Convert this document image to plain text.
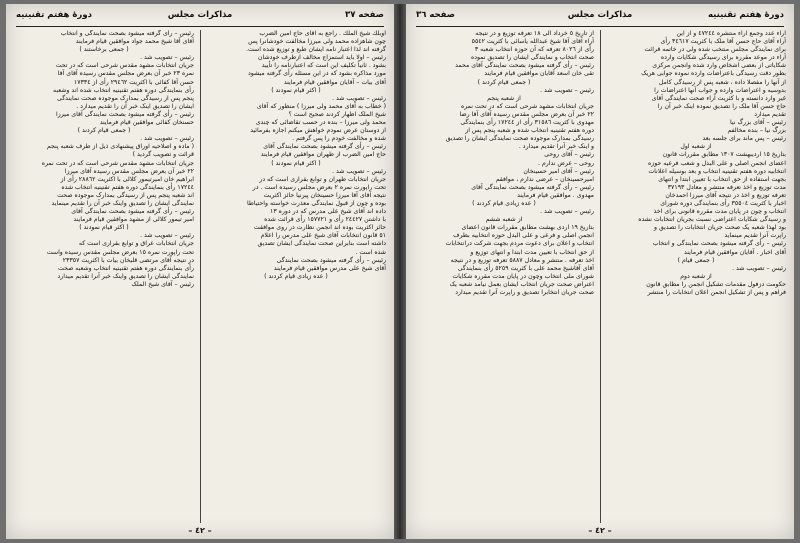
صفحه ٣٧
مذاکرات مجلس
دورهٔ هفتم تقنینیه

اوبلك شیخ الملك . راجع به آقای حاج امین الضرب

چون شاهزاده محمد ولی میرزا مخالفت خودشانرا پس

گرفته اند لذا اعتبار نامه ایشان طبع و توزیع شده است.

رئیس – اولا باید استمزاج مخالف ازطرف خودشان

بشود . ثانیاً تکلیف این است که اعتبارنامه را تأیید

مورد مذاکره بشود که در این مسئله رأی گرفته میشود

آقای بیات – آقایان موافقین قیام فرمایند

( اکثر قیام نمودند )

رئیس – تصویب شد .

( خطاب به آقای محمد ولی میرزا ) منظور که آقای

شیخ الملک اظهار کردند صحیح است ؟

محمد ولی میرزا – بنده در حسب تقاضائی که چندی

از دوستان عرض نمودم خواهش میکنم اجازه بفرمائید

شده و مخالفت خودم را پس گرفتم .

رئیس – رأی گرفته میشود بصحت نمایندگی آقای

حاج امین الضرب از طهران موافقین قیام فرمایند

( اکثر قیام نمودند )

رئیس – تصویب شد .

جریان انتخابات طهران و توابع بقراری است که در

تحت راپورت نمره ٢ بعرض مجلس رسیده است . در

نتیجه آقای آقا میرزا حسینخان پیرنیا حائز اکثریت

بوده و چون از قبول نمایندگی معذرت خواسته واحتیاطا

داده اند آقای شیخ علی مدرس که در دوره ١٣

با داشتن ٢٤٤٢٧ رأی و ١٥٧٧٢١ رأی قرائت شده

حائز اکثریت بوده اند انجمن نظارت در روی موافقت

٥١ قانون انتخابات آقای شیخ علی مدرس را اعلام

داشته است بنابراین صحت نمایندگی ایشان تصدیق

شده است .

رئیس – رأی گرفته میشود بصحت نمایندگی

آقای شیخ علی مدرس موافقین قیام فرمایند

( عده زیادی قیام کردند )

رئیس – رأی گرفته میشود بصحت نمایندگی و انتخاب

آقای آقا شیخ محمد جواد موافقین قیام فرمایند

( جمعی برخاستند )

رئیس – تصویب شد .

جریان انتخابات مشهد مقدس شرحی است که در تحت

نمره ٢٣ خبر آن بعرض مجلس مقدس رسیده آقای آقا

حسن آقا کفائی با اکثریت ٢٩٤٦٢ رأی از ١٧٣٣٤

رأی بنمایندگی دوره هفتم تقنینیه انتخاب شده اند وشعبه

پنجم پس از رسیدگی بمدارک موجوده صحت نمایندگی

ایشان را تصدیق اینک خبر آن را تقدیم میدارد .

رئیس – رأی گرفته میشود بصحت نمایندگی آقای میرزا

حسنخان کفائی موافقین قیام فرمایند

( جمعی قیام کردند )

رئیس – تصویب شد .

( ماده و اصلاحیه اوراق پیشنهادی ذیل از طرف شعبه پنجم

قرائت و تصویب گردید )

جریان انتخابات مشهد مقدس شرحی است که در تحت نمره

٢٢ خبر آن بعرض مجلس مقدس رسیده آقای میرزا

ابراهیم خان امیرتیمور کلالی با اکثریت ٢٨٨٦٢ رأی از

١٧٢٤٤ رأی بنمایندگی دوره هفتم تقنینیه انتخاب شده

اند شعبه پنجم پس از رسیدگی بمدارک موجوده صحت

نمایندگی ایشان را تصدیق واینک خبر آن را تقدیم مینماید

رئیس – رأی گرفته میشود بصحت نمایندگی آقای

امیر تیمور کلالی از مشهد موافقین قیام فرمایند

( اکثر قیام نمودند )

رئیس – تصویب شد .

جریان انتخابات عراق و توابع بقراری است که

تحت راپورت نمره ١٥ بعرض مجلس مقدس رسیده واست

در نتیجه آقای مرتضی قلیخان بیات با اکثریت ٢٣٣٥٧

رأی بنمایندگی دوره هفتم تقنینیه انتخاب وشعبه صحت

نمایندگی ایشان را تصدیق واینک خبر آنرا تقدیم میدارد

رئیس – آقای شیخ الملک

– ٤٢ –
دورهٔ هفتم تقنینیه
مذاکرات مجلس
صفحه ٣٦

آراء عدد وجمع آراء منتشره ٤٧٢٤٤ و از این

آراء آقای حاج حسن آقا ملک با کثریت ٣٤٦١٧ رأی

برای نمایندگی مجلس منتخب شده ولی در خاتمه قرائت

آراء در موعد مقرره برای رسیدگی شکایات وارده

شکایاتی از بعضی اشخاص وارد شده وانجمن مرکزی

بطور دقت رسیدگی باعتراضات وارده نموده جوابی هریک

از آنها را مفصلا داده ، شعبه پس از رسیدگی کامل

بدوسیه و اعتراضات وارده و جواب آنها اعتراضات را

غیر وارد دانسته و با کثریت آراء صحت نمایندگی آقای

حاج حسن آقا ملک را تصدیق نموده اینک خبر آن را

تقدیم میدارد

رئیس – آقای بزرگ نیا

بزرگ نیا – بنده مخالفم

رئیس – پس ماند برای جلسه بعد

از شعبه اول

بتاریخ ١٥ اردیبهشت ١٣٠٧ مطابق مقررات قانون

اعضای انجمن اصلی و علی البدل و شعب فرعیه حوزه

انتخابیه دوره هفتم تقنینیه انتخاب و بعد بوسیله اعلانات

بجهت استفاده از حق انتخاب با تعیین ابتدا و انتهای

مدت توزیع و اخذ تعرفه منتشر و معادل ٣٧١٩٣

تعرفه توزیع و اخذ در نتیجه آقای میرزا احمدخان

اخبار با کثریت ٣٥٥٠٤ رأی بنمایندگی دوره شورای

انتخاب و چون در پایان مدت مقرره قانونی برای اخذ

و رسیدگی شکایات اعتراضی نسبت بجریان انتخابات نشده

بود لهذا شعبه یک صحت جریان انتخابات را تصدیق و

راپرت آنرا تقدیم مینماید

رئیس – رأی گرفته میشود بصحت نمایندگی و انتخاب

آقای اخبار . آقایان موافقین قیام فرمایند

( جمعی قیام )

رئیس – تصویب شد .

از شعبه دوم

حکومت دزفول مقدمات تشکیل انجمن را مطابق قانون

فراهم و پس از تشکیل انجمن اعلان انتخابات را منتشر

از تاریخ ٥ خرداد الی ١٨ تعرفه توزیع و در نتیجه

آراء آقای آقا شیخ عبدالله یاسائی با کثریت ٥٥٤٢

رأی از ٨٠٢٦ تعرفه که آن حوزه انتخاب شعبه ٣

صحت انتخاب و نمایندگی ایشان را تصدیق نموده

رئیس – رأی گرفته میشود بصحت نمایندگی آقای محمد

تقی خان اسعد آقایان موافقین قیام فرمایند

( جمعی قیام کردند )

رئیس – تصویب شد .

از شعبه پنجم

جریان انتخابات مشهد شرحی است که در تحت نمره

٢٢ خبر آن بعرض مجلس مقدس رسیده آقای آقا رضا

مهدوی با کثریت ٣١٥٨٦ رأی از ١٧٢٤٤ رأی بنمایندگی

دوره هفتم تقنینیه انتخاب شده و شعبه پنجم پس از

رسیدگی بمدارک موجوده صحت نمایندگی ایشان را تصدیق

و اینک خبر آنرا تقدیم میدارد .

رئیس – آقای روحی

روحی – عرض ندارم .

رئیس – آقای امیر حسینخان

امیرحسینخان – عرضی ندارم ، موافقم

رئیس – رأی گرفته میشود بصحت نمایندگی آقای

مهدوی . موافقین قیام فرمایند

( عده زیادی قیام کردند )

رئیس – تصویب شد .

از شعبه ششم

بتاریخ ١٩ اردی بهشت مطابق مقررات قانون اعضای

انجمن اصلی و فرعی و علی البدل حوزه انتخابیه بطرف

انتخاب و اعلان برای دعوت مردم بجهت شرکت درانتخابات

از حق انتخاب با تعیین مدت ابتدا و انتهای توزیع و

اخذ تعرفه . منتشر و معادل ٥٨٨٧ تعرفه توزیع و در نتیجه

آقای آقاشیخ محمد علی با کثریت ٥٢٥٩ رأی بنمایندگی

شورای ملی انتخاب وچون در پایان مدت مقرره شکایات

اعتراض صحت جریان انتخاب ایشان بعمل نیامد شعبه یک

صحت جریان انتخابرا تصدیق و راپرت آنرا تقدیم میدارد

– ٤٢ –
